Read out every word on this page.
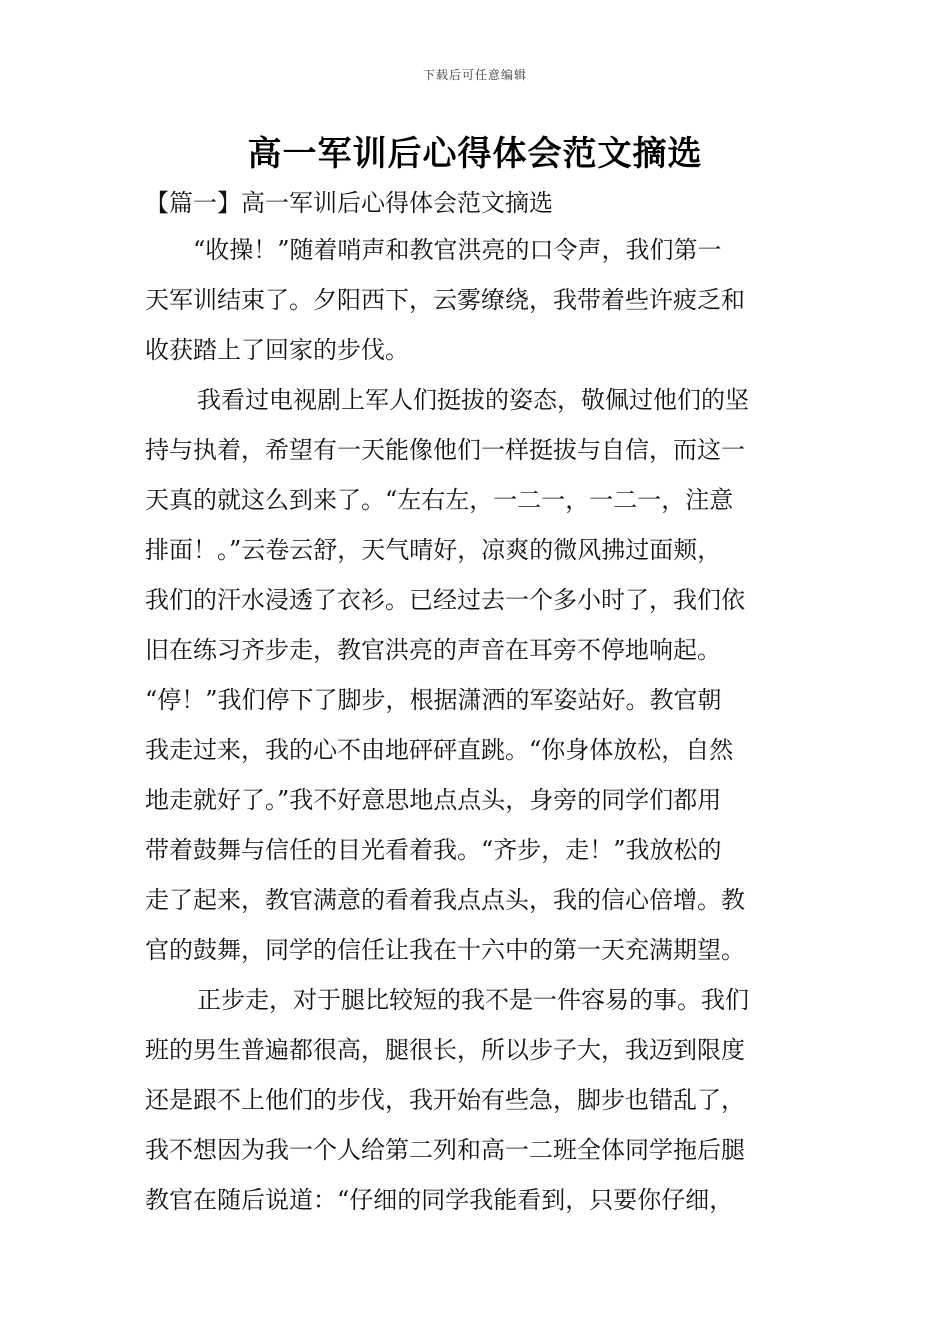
下载后可任意编辑
高一军训后心得体会范文摘选
【篇一】高一军训后心得体会范文摘选
“收操！”随着哨声和教官洪亮的口令声，我们第一
天军训结束了。夕阳西下，云雾缭绕，我带着些许疲乏和
收获踏上了回家的步伐。
我看过电视剧上军人们挺拔的姿态，敬佩过他们的坚
持与执着，希望有一天能像他们一样挺拔与自信，而这一
天真的就这么到来了。“左右左，一二一，一二一，注意
排面！。”云卷云舒，天气晴好，凉爽的微风拂过面颊，
我们的汗水浸透了衣衫。已经过去一个多小时了，我们依
旧在练习齐步走，教官洪亮的声音在耳旁不停地响起。
“停！”我们停下了脚步，根据潇洒的军姿站好。教官朝
我走过来，我的心不由地砰砰直跳。“你身体放松，自然
地走就好了。”我不好意思地点点头，身旁的同学们都用
带着鼓舞与信任的目光看着我。“齐步，走！”我放松的
走了起来，教官满意的看着我点点头，我的信心倍增。教
官的鼓舞，同学的信任让我在十六中的第一天充满期望。
正步走，对于腿比较短的我不是一件容易的事。我们
班的男生普遍都很高，腿很长，所以步子大，我迈到限度
还是跟不上他们的步伐，我开始有些急，脚步也错乱了，
我不想因为我一个人给第二列和高一二班全体同学拖后腿
教官在随后说道：“仔细的同学我能看到，只要你仔细，
